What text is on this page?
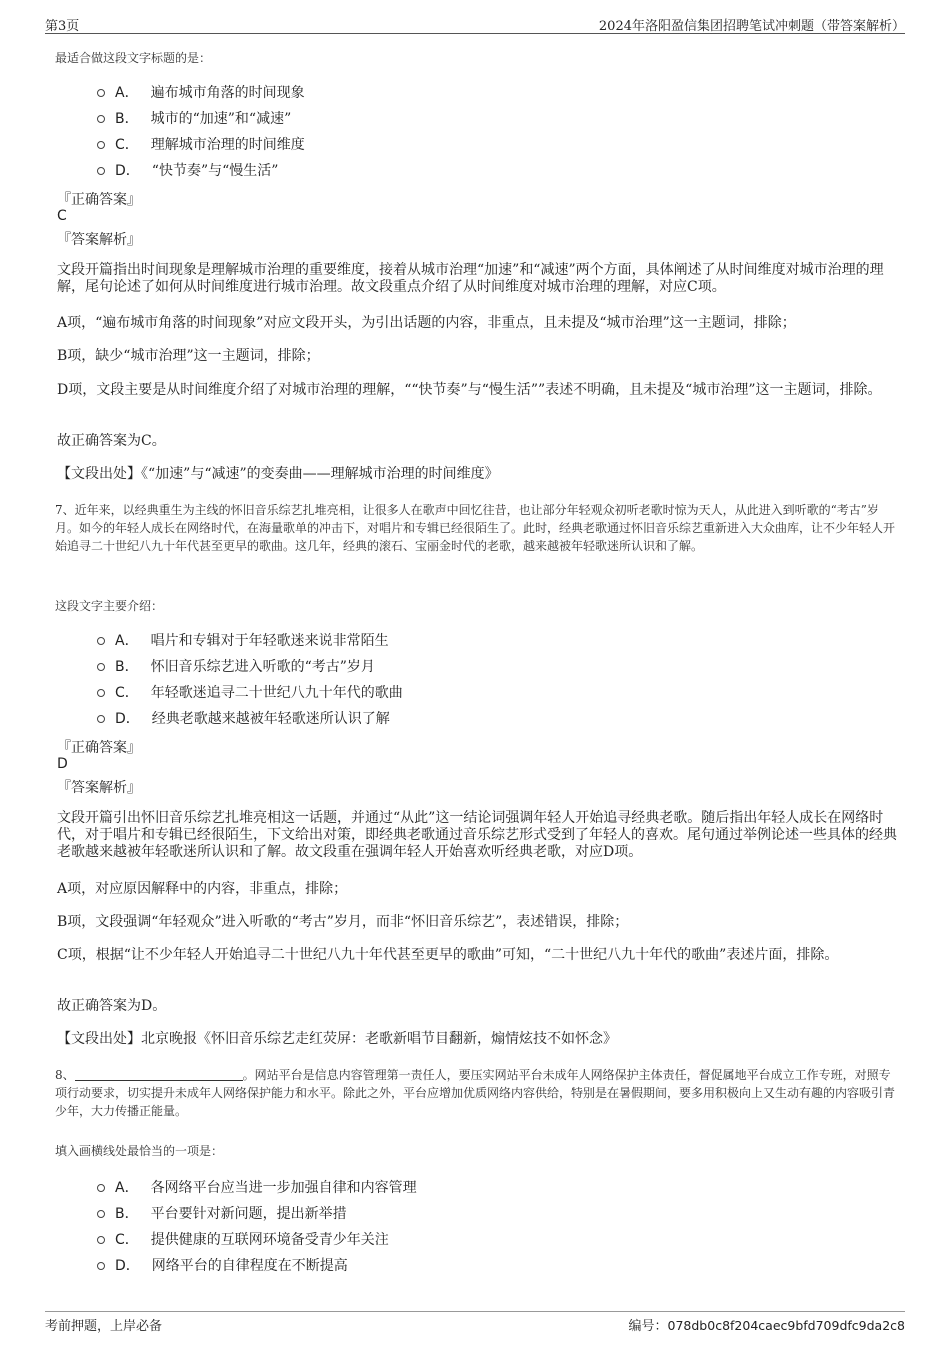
第3页	2024年洛阳盈信集团招聘笔试冲刺题（带答案解析）
最适合做这段文字标题的是：
A． 遍布城市角落的时间现象
B． 城市的“加速”和“减速”
C． 理解城市治理的时间维度
D． “快节奏”与“慢生活”
『正确答案』
C
『答案解析』
文段开篇指出时间现象是理解城市治理的重要维度，接着从城市治理“加速”和“减速”两个方面，具体阐述了从时间维度对城市治理的理解，尾句论述了如何从时间维度进行城市治理。故文段重点介绍了从时间维度对城市治理的理解，对应C项。
A项，“遍布城市角落的时间现象”对应文段开头，为引出话题的内容，非重点，且未提及“城市治理”这一主题词，排除；
B项，缺少“城市治理”这一主题词，排除；
D项，文段主要是从时间维度介绍了对城市治理的理解，““快节奏”与“慢生活””表述不明确，且未提及“城市治理”这一主题词，排除。
故正确答案为C。
【文段出处】《“加速”与“减速”的变奏曲——理解城市治理的时间维度》
7、近年来，以经典重生为主线的怀旧音乐综艺扎堆亮相，让很多人在歌声中回忆往昔，也让部分年轻观众初听老歌时惊为天人，从此进入到听歌的“考古”岁月。如今的年轻人成长在网络时代，在海量歌单的冲击下，对唱片和专辑已经很陌生了。此时，经典老歌通过怀旧音乐综艺重新进入大众曲库，让不少年轻人开始追寻二十世纪八九十年代甚至更早的歌曲。这几年，经典的滚石、宝丽金时代的老歌，越来越被年轻歌迷所认识和了解。
这段文字主要介绍：
A． 唱片和专辑对于年轻歌迷来说非常陌生
B． 怀旧音乐综艺进入听歌的“考古”岁月
C． 年轻歌迷追寻二十世纪八九十年代的歌曲
D． 经典老歌越来越被年轻歌迷所认识了解
『正确答案』
D
『答案解析』
文段开篇引出怀旧音乐综艺扎堆亮相这一话题，并通过“从此”这一结论词强调年轻人开始追寻经典老歌。随后指出年轻人成长在网络时代，对于唱片和专辑已经很陌生，下文给出对策，即经典老歌通过音乐综艺形式受到了年轻人的喜欢。尾句通过举例论述一些具体的经典老歌越来越被年轻歌迷所认识和了解。故文段重在强调年轻人开始喜欢听经典老歌，对应D项。
A项，对应原因解释中的内容，非重点，排除；
B项，文段强调“年轻观众”进入听歌的“考古”岁月，而非“怀旧音乐综艺”，表述错误，排除；
C项，根据“让不少年轻人开始追寻二十世纪八九十年代甚至更早的歌曲”可知，“二十世纪八九十年代的歌曲”表述片面，排除。
故正确答案为D。
【文段出处】北京晚报《怀旧音乐综艺走红荧屏：老歌新唱节目翻新，煽情炫技不如怀念》
8、	。网站平台是信息内容管理第一责任人，要压实网站平台未成年人网络保护主体责任，督促属地平台成立工作专班，对照专项行动要求，切实提升未成年人网络保护能力和水平。除此之外，平台应增加优质网络内容供给，特别是在暑假期间，要多用积极向上又生动有趣的内容吸引青少年，大力传播正能量。
填入画横线处最恰当的一项是：
A． 各网络平台应当进一步加强自律和内容管理
B． 平台要针对新问题，提出新举措
C． 提供健康的互联网环境备受青少年关注
D． 网络平台的自律程度在不断提高
考前押题，上岸必备	编号：078db0c8f204caec9bfd709dfc9da2c8
